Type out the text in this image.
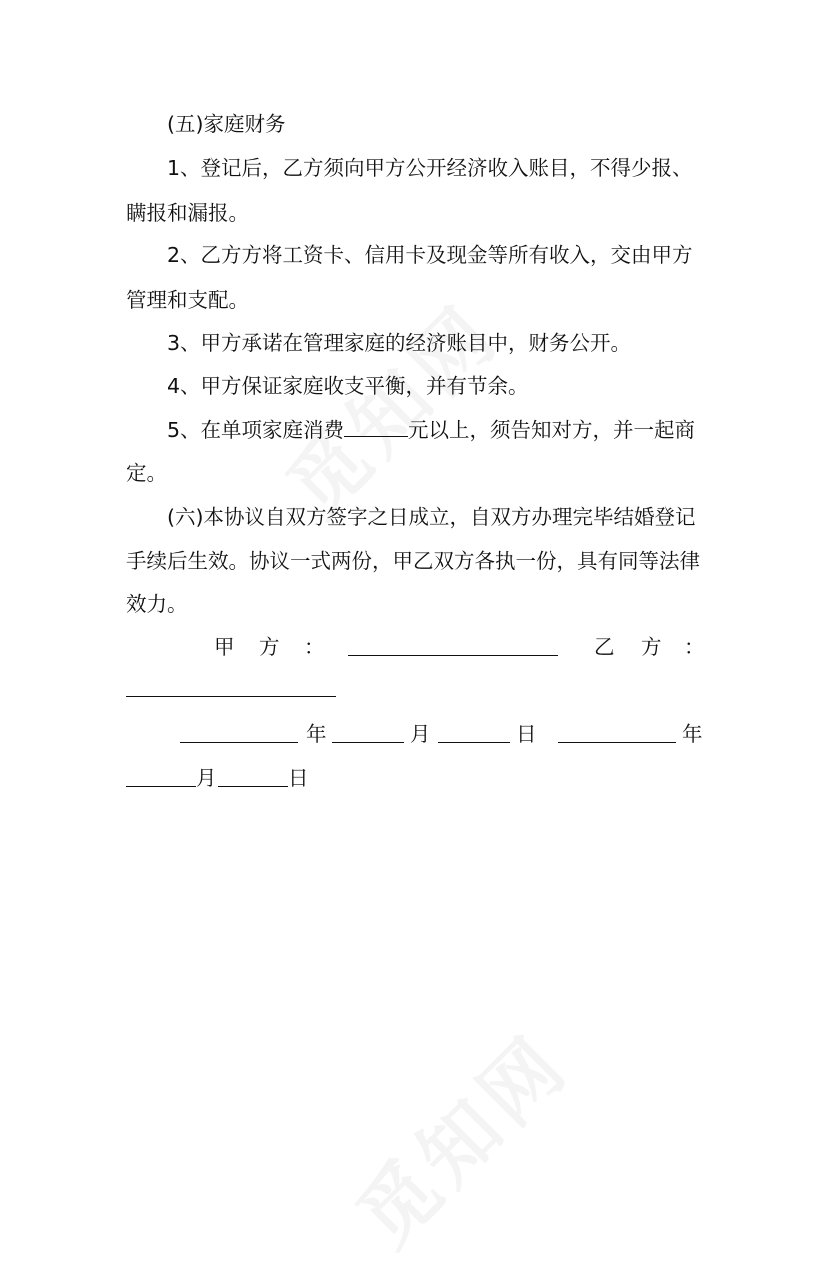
(五)家庭财务
1、登记后，乙方须向甲方公开经济收入账目，不得少报、
瞒报和漏报。
2、乙方方将工资卡、信用卡及现金等所有收入，交由甲方
管理和支配。
3、甲方承诺在管理家庭的经济账目中，财务公开。
4、甲方保证家庭收支平衡，并有节余。
5、在单项家庭消费	元以上，须告知对方，并一起商
定。
(六)本协议自双方签字之日成立，自双方办理完毕结婚登记
手续后生效。协议一式两份，甲乙双方各执一份，具有同等法律
效力。
甲 方 ：	乙 方 ：
年	月	日	年
月	日
